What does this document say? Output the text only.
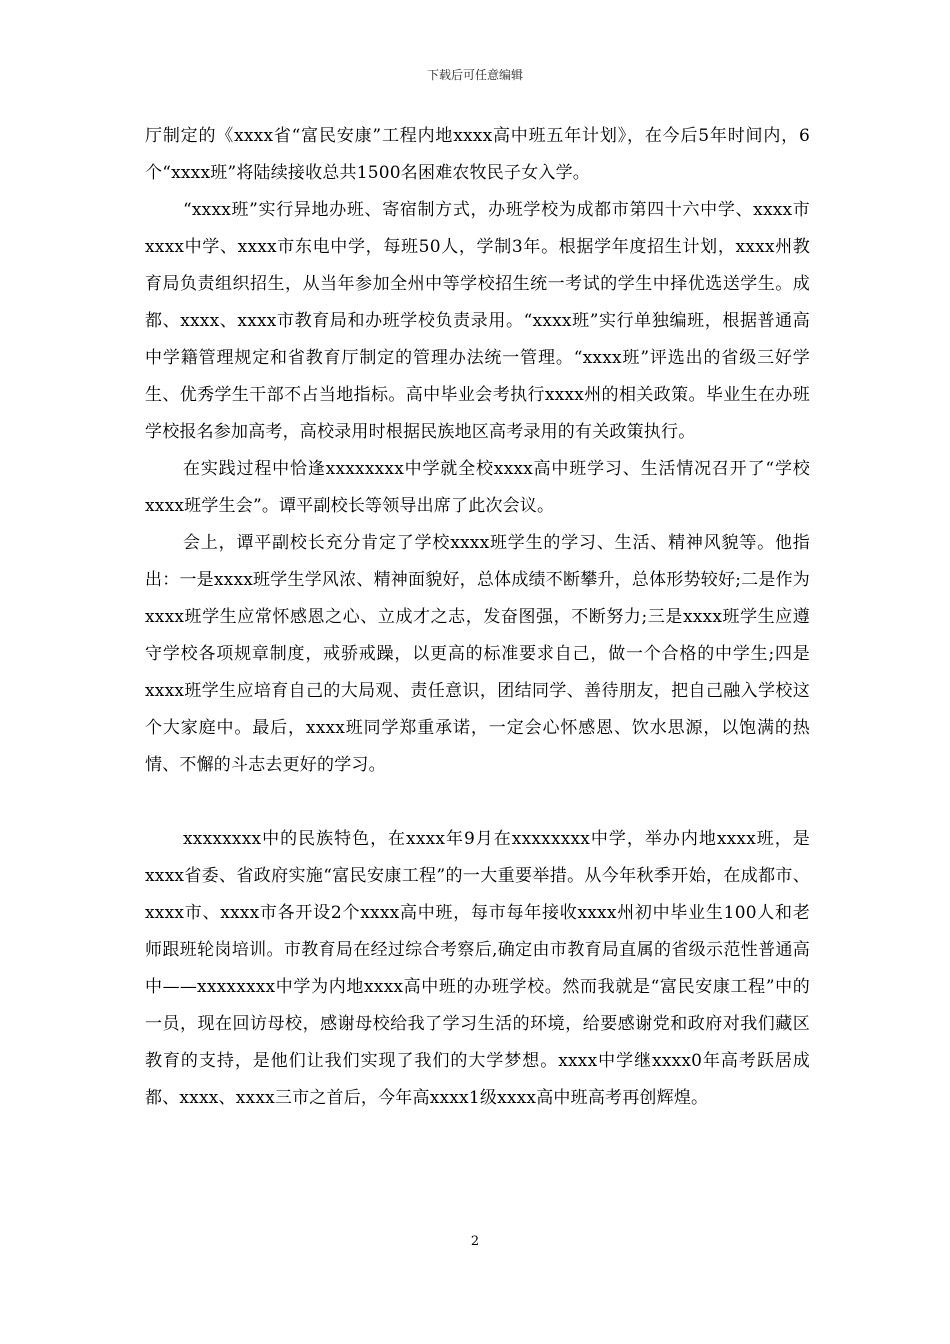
下载后可任意编辑

厅制定的《xxxx省“富民安康”工程内地xxxx高中班五年计划》，在今后5年时间内，6个“xxxx班”将陆续接收总共1500名困难农牧民子女入学。

“xxxx班”实行异地办班、寄宿制方式，办班学校为成都市第四十六中学、xxxx市xxxx中学、xxxx市东电中学，每班50人，学制3年。根据学年度招生计划，xxxx州教育局负责组织招生，从当年参加全州中等学校招生统一考试的学生中择优选送学生。成都、xxxx、xxxx市教育局和办班学校负责录用。“xxxx班”实行单独编班，根据普通高中学籍管理规定和省教育厅制定的管理办法统一管理。“xxxx班”评选出的省级三好学生、优秀学生干部不占当地指标。高中毕业会考执行xxxx州的相关政策。毕业生在办班学校报名参加高考，高校录用时根据民族地区高考录用的有关政策执行。

在实践过程中恰逢xxxxxxxx中学就全校xxxx高中班学习、生活情况召开了“学校xxxx班学生会”。谭平副校长等领导出席了此次会议。

会上，谭平副校长充分肯定了学校xxxx班学生的学习、生活、精神风貌等。他指出：一是xxxx班学生学风浓、精神面貌好，总体成绩不断攀升，总体形势较好;二是作为xxxx班学生应常怀感恩之心、立成才之志，发奋图强，不断努力;三是xxxx班学生应遵守学校各项规章制度，戒骄戒躁，以更高的标准要求自己，做一个合格的中学生;四是xxxx班学生应培育自己的大局观、责任意识，团结同学、善待朋友，把自己融入学校这个大家庭中。最后，xxxx班同学郑重承诺，一定会心怀感恩、饮水思源，以饱满的热情、不懈的斗志去更好的学习。

xxxxxxxx中的民族特色，在xxxx年9月在xxxxxxxx中学，举办内地xxxx班，是xxxx省委、省政府实施“富民安康工程”的一大重要举措。从今年秋季开始，在成都市、xxxx市、xxxx市各开设2个xxxx高中班，每市每年接收xxxx州初中毕业生100人和老师跟班轮岗培训。市教育局在经过综合考察后,确定由市教育局直属的省级示范性普通高中——xxxxxxxx中学为内地xxxx高中班的办班学校。然而我就是“富民安康工程”中的一员，现在回访母校，感谢母校给我了学习生活的环境，给要感谢党和政府对我们藏区教育的支持，是他们让我们实现了我们的大学梦想。xxxx中学继xxxx0年高考跃居成都、xxxx、xxxx三市之首后，今年高xxxx1级xxxx高中班高考再创辉煌。

2
